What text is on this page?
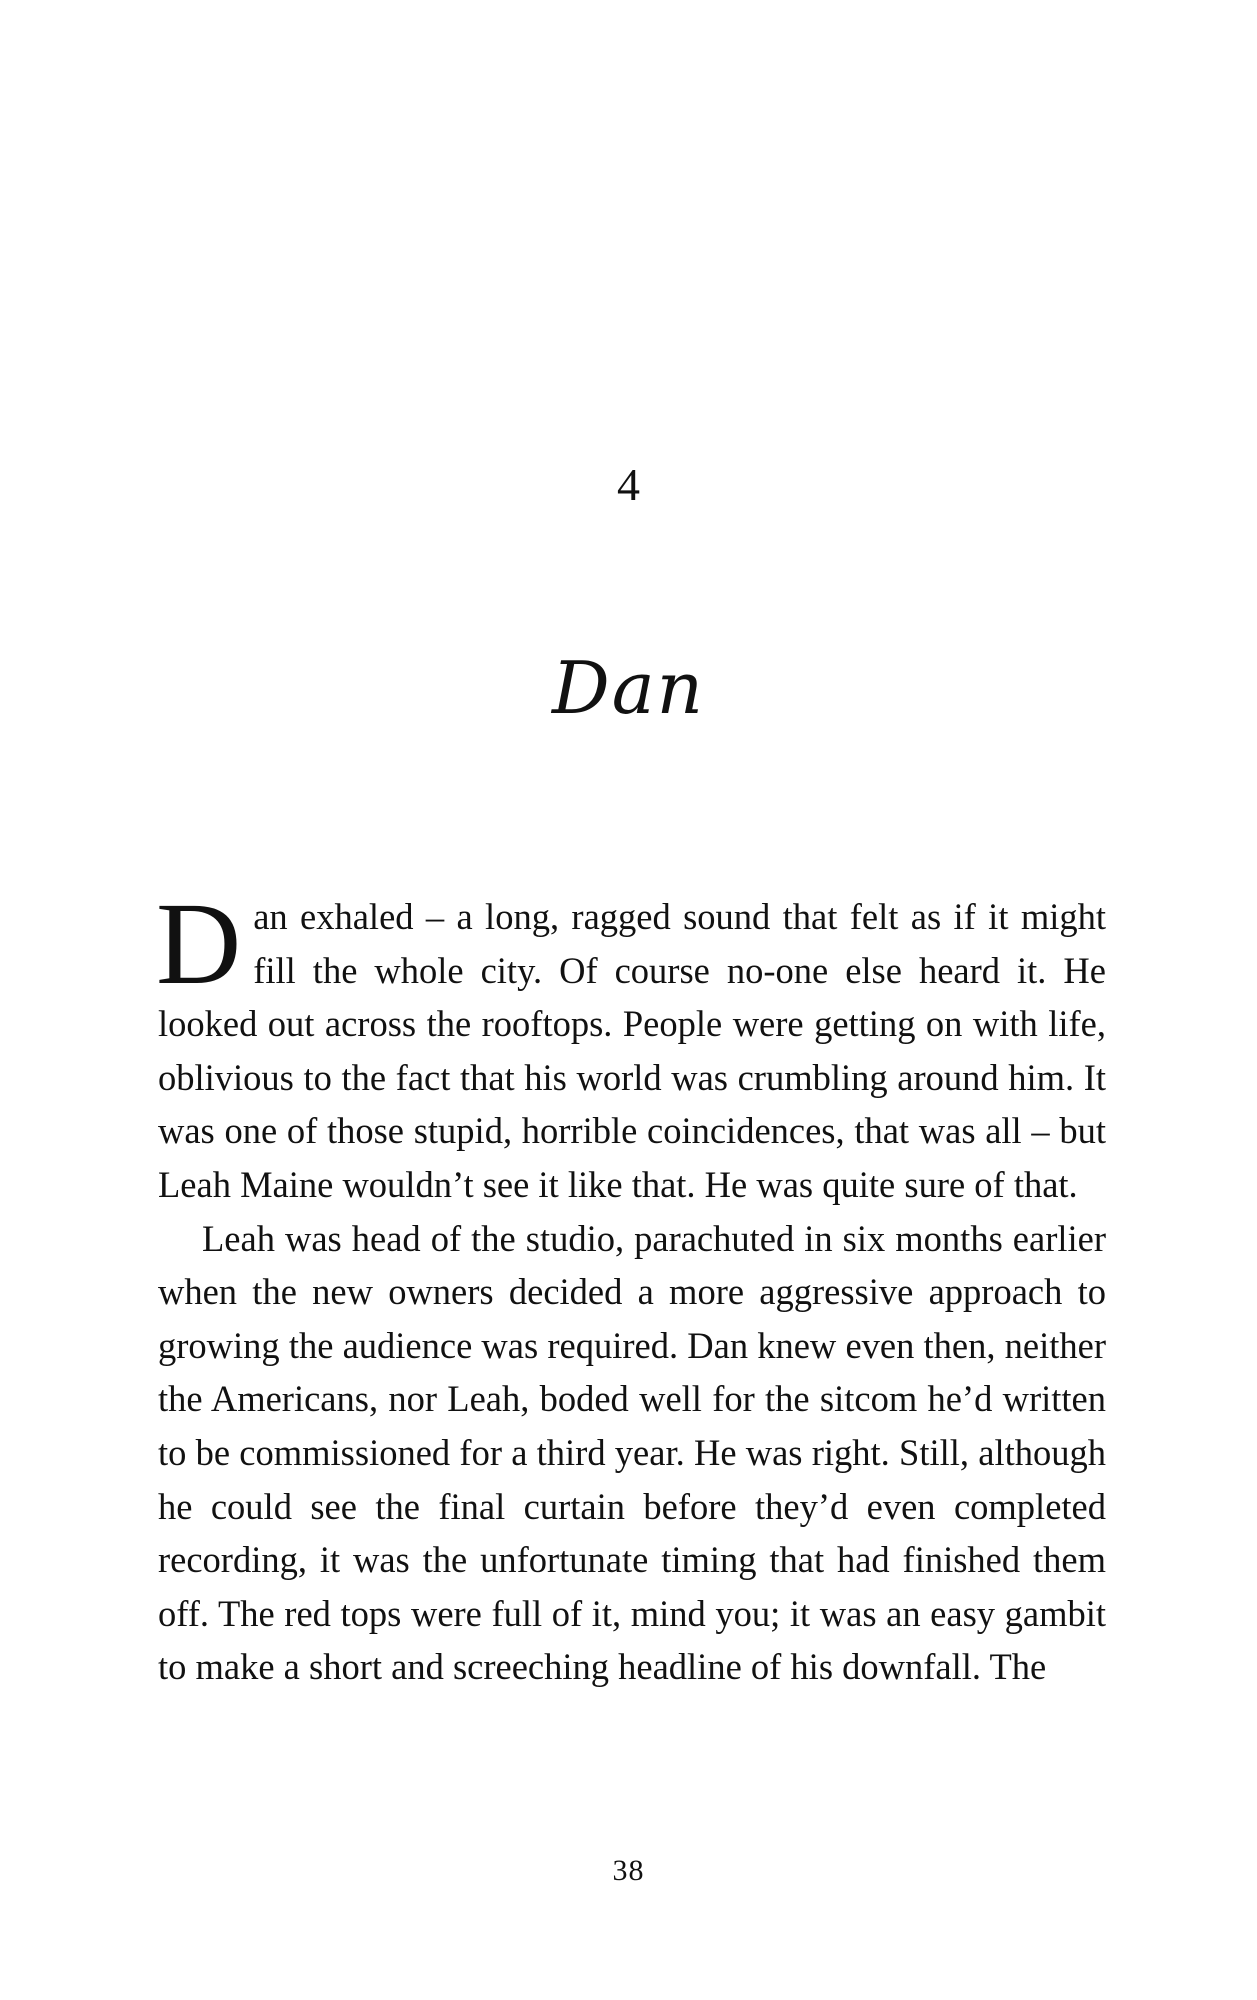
4
Dan

Dan exhaled – a long, ragged sound that felt as if it might fill the whole city. Of course no-one else heard it. He looked out across the rooftops. People were getting on with life, oblivious to the fact that his world was crumbling around him. It was one of those stupid, horrible coincidences, that was all – but Leah Maine wouldn’t see it like that. He was quite sure of that.

Leah was head of the studio, parachuted in six months earlier when the new owners decided a more aggressive approach to growing the audience was required. Dan knew even then, neither the Americans, nor Leah, boded well for the sitcom he’d written to be commissioned for a third year. He was right. Still, although he could see the final curtain before they’d even completed recording, it was the unfortunate timing that had finished them off. The red tops were full of it, mind you; it was an easy gambit to make a short and screeching headline of his downfall. The

38
